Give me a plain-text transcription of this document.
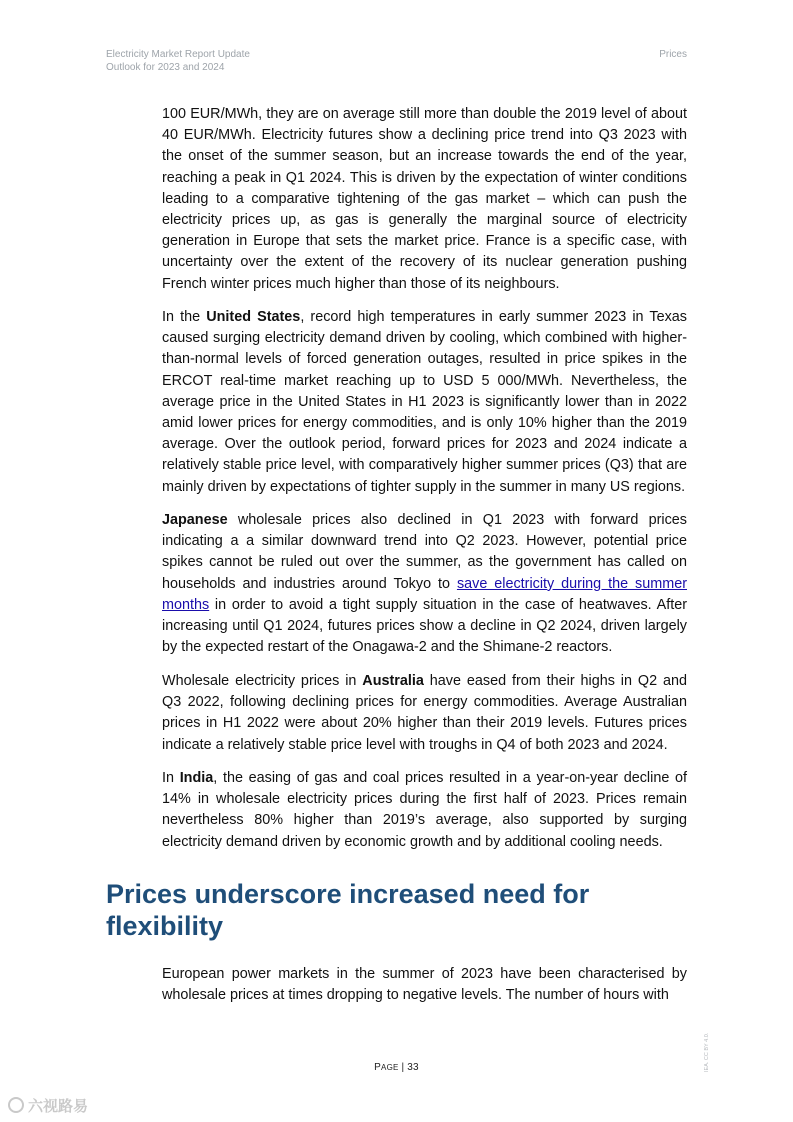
Electricity Market Report Update
Outlook for 2023 and 2024
Prices

100 EUR/MWh, they are on average still more than double the 2019 level of about 40 EUR/MWh. Electricity futures show a declining price trend into Q3 2023 with the onset of the summer season, but an increase towards the end of the year, reaching a peak in Q1 2024. This is driven by the expectation of winter conditions leading to a comparative tightening of the gas market – which can push the electricity prices up, as gas is generally the marginal source of electricity generation in Europe that sets the market price. France is a specific case, with uncertainty over the extent of the recovery of its nuclear generation pushing French winter prices much higher than those of its neighbours.

In the United States, record high temperatures in early summer 2023 in Texas caused surging electricity demand driven by cooling, which combined with higher-than-normal levels of forced generation outages, resulted in price spikes in the ERCOT real-time market reaching up to USD 5 000/MWh. Nevertheless, the average price in the United States in H1 2023 is significantly lower than in 2022 amid lower prices for energy commodities, and is only 10% higher than the 2019 average. Over the outlook period, forward prices for 2023 and 2024 indicate a relatively stable price level, with comparatively higher summer prices (Q3) that are mainly driven by expectations of tighter supply in the summer in many US regions.

Japanese wholesale prices also declined in Q1 2023 with forward prices indicating a a similar downward trend into Q2 2023. However, potential price spikes cannot be ruled out over the summer, as the government has called on households and industries around Tokyo to save electricity during the summer months in order to avoid a tight supply situation in the case of heatwaves. After increasing until Q1 2024, futures prices show a decline in Q2 2024, driven largely by the expected restart of the Onagawa-2 and the Shimane-2 reactors.

Wholesale electricity prices in Australia have eased from their highs in Q2 and Q3 2022, following declining prices for energy commodities. Average Australian prices in H1 2022 were about 20% higher than their 2019 levels. Futures prices indicate a relatively stable price level with troughs in Q4 of both 2023 and 2024.

In India, the easing of gas and coal prices resulted in a year-on-year decline of 14% in wholesale electricity prices during the first half of 2023. Prices remain nevertheless 80% higher than 2019’s average, also supported by surging electricity demand driven by economic growth and by additional cooling needs.

Prices underscore increased need for flexibility

European power markets in the summer of 2023 have been characterised by wholesale prices at times dropping to negative levels. The number of hours with

IEA. CC BY 4.0.
PAGE | 33
六视路易
